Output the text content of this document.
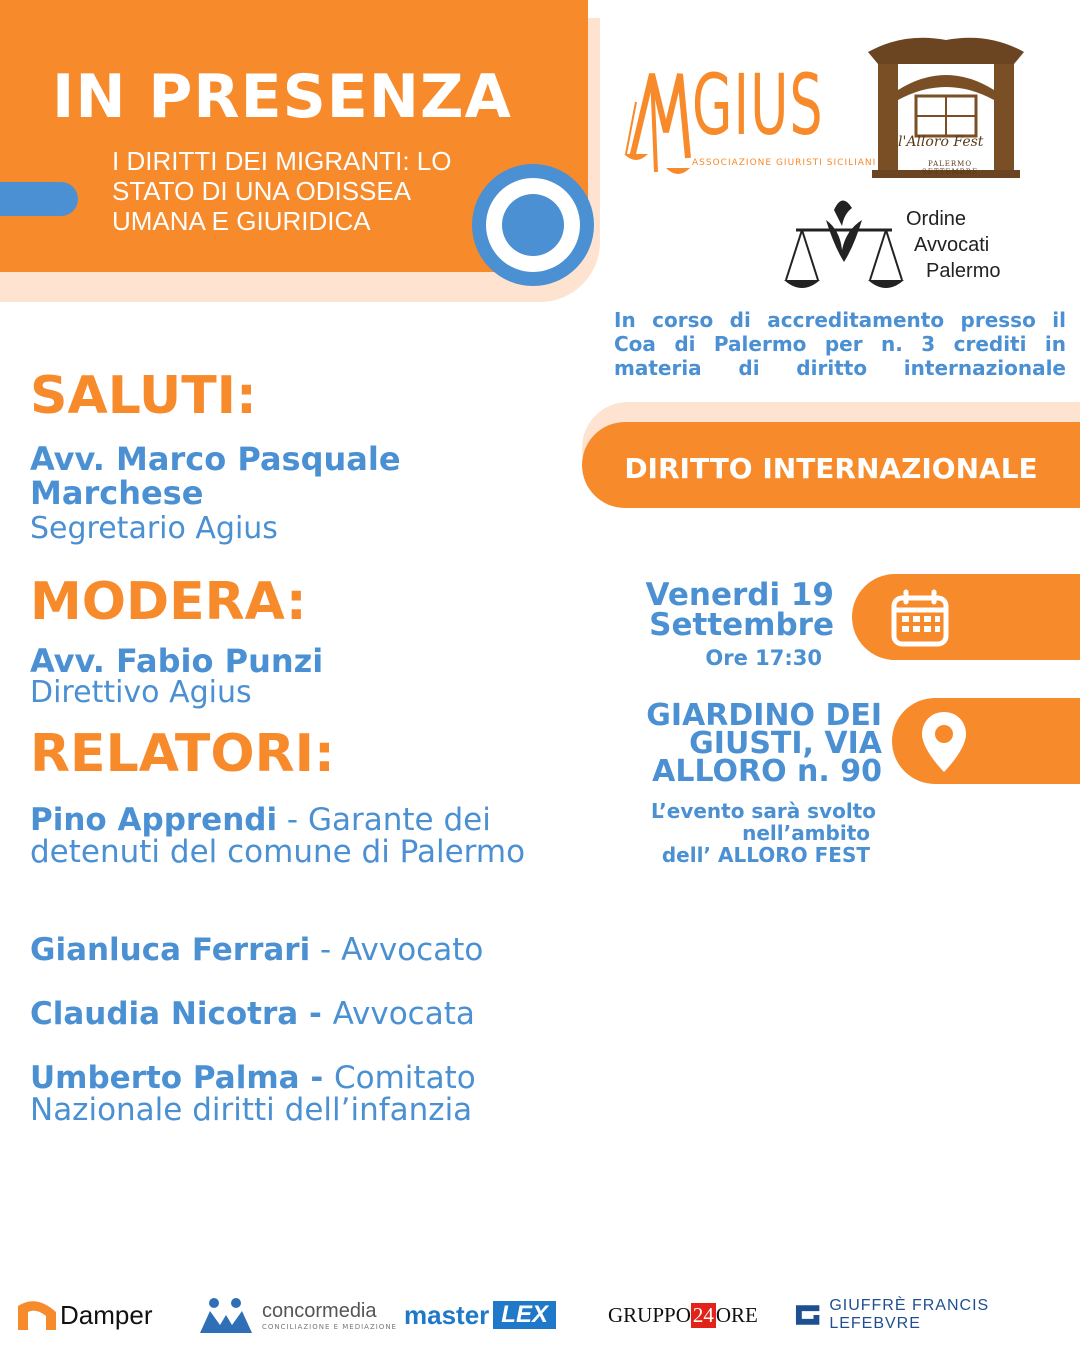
IN PRESENZA
I DIRITTI DEI MIGRANTI: LO STATO DI UNA ODISSEA UMANA E GIURIDICA
GIUS
ASSOCIAZIONE GIURISTI SICILIANI
l'Alloro Fest
PALERMO
SETTEMBRE
Ordine
Avvocati
Palermo
In corso di accreditamento presso il Coa di Palermo per n. 3 crediti in materia di diritto internazionale
DIRITTO INTERNAZIONALE
SALUTI:
Avv. Marco Pasquale Marchese
Segretario Agius
MODERA:
Avv. Fabio Punzi
Direttivo Agius
RELATORI:
Pino Apprendi - Garante dei detenuti del comune di Palermo
Gianluca Ferrari - Avvocato
Claudia Nicotra - Avvocata
Umberto Palma - Comitato Nazionale diritti dell’infanzia
Venerdi 19
Settembre
Ore 17:30
GIARDINO DEI
GIUSTI, VIA
ALLORO n. 90
L’evento sarà svolto
nell’ambito
dell’ ALLORO FEST
Damper	concormedia
CONCILIAZIONE E MEDIAZIONE master LEX	GRUPPO 24 ORE	GIUFFRÈ FRANCIS LEFEBVRE
